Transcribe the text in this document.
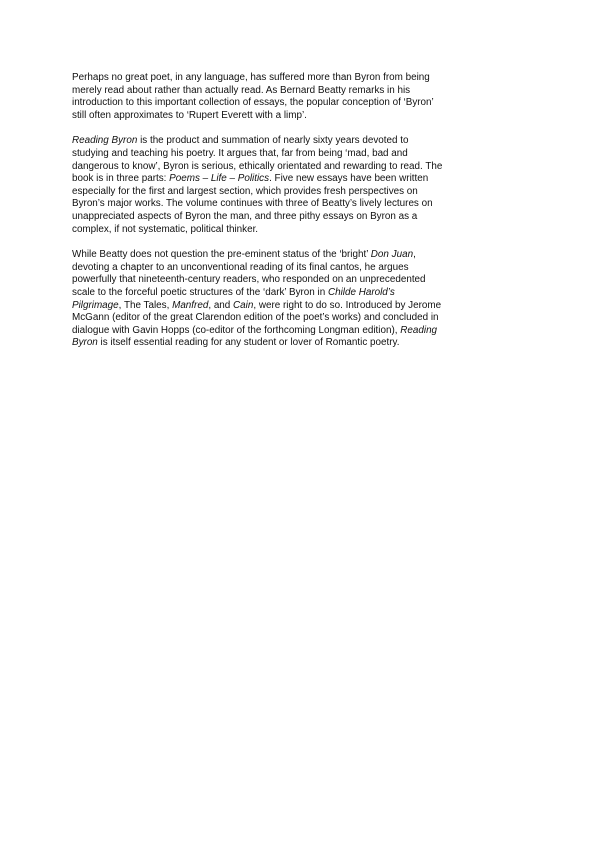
Perhaps no great poet, in any language, has suffered more than Byron from being
merely read about rather than actually read. As Bernard Beatty remarks in his
introduction to this important collection of essays, the popular conception of ‘Byron’
still often approximates to ‘Rupert Everett with a limp’.

Reading Byron is the product and summation of nearly sixty years devoted to
studying and teaching his poetry. It argues that, far from being ‘mad, bad and
dangerous to know’, Byron is serious, ethically orientated and rewarding to read. The
book is in three parts: Poems – Life – Politics. Five new essays have been written
especially for the first and largest section, which provides fresh perspectives on
Byron’s major works. The volume continues with three of Beatty’s lively lectures on
unappreciated aspects of Byron the man, and three pithy essays on Byron as a
complex, if not systematic, political thinker.

While Beatty does not question the pre-eminent status of the ‘bright’ Don Juan,
devoting a chapter to an unconventional reading of its final cantos, he argues
powerfully that nineteenth-century readers, who responded on an unprecedented
scale to the forceful poetic structures of the ‘dark’ Byron in Childe Harold’s
Pilgrimage, The Tales, Manfred, and Cain, were right to do so. Introduced by Jerome
McGann (editor of the great Clarendon edition of the poet’s works) and concluded in
dialogue with Gavin Hopps (co-editor of the forthcoming Longman edition), Reading
Byron is itself essential reading for any student or lover of Romantic poetry.
